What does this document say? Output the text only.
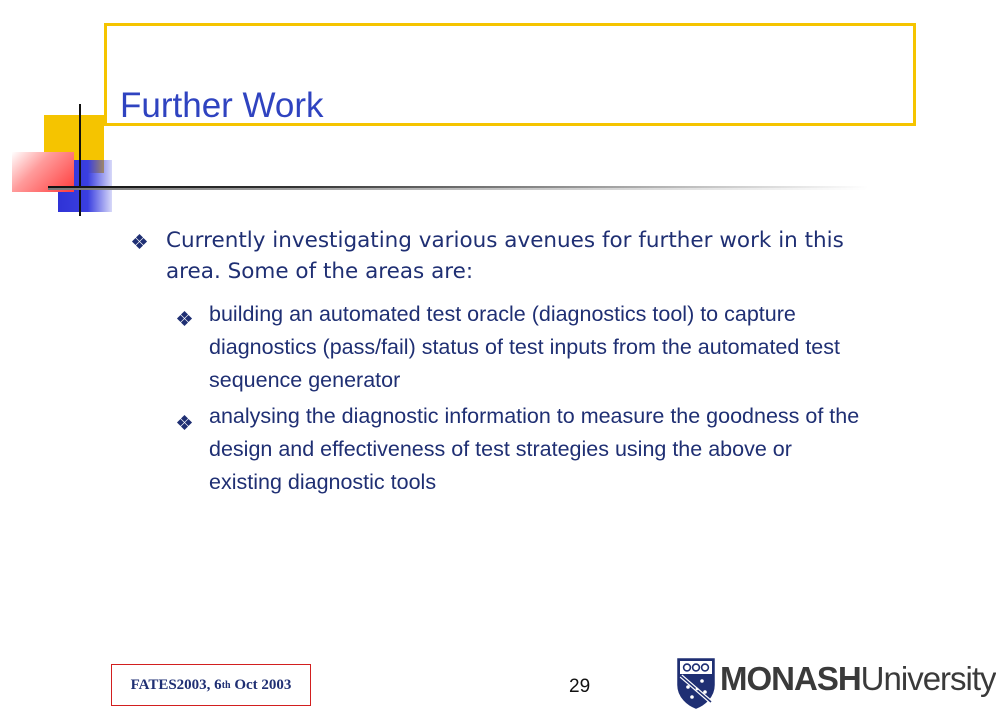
Further Work
Currently investigating various avenues for further work in this area. Some of the areas are:
building an automated test oracle (diagnostics tool) to capture diagnostics (pass/fail) status of test inputs from the automated test sequence generator
analysing the diagnostic information to measure the goodness of the design and effectiveness of test strategies using the above or existing diagnostic tools
FATES2003, 6 th Oct 2003	29	MONASHUniversity
